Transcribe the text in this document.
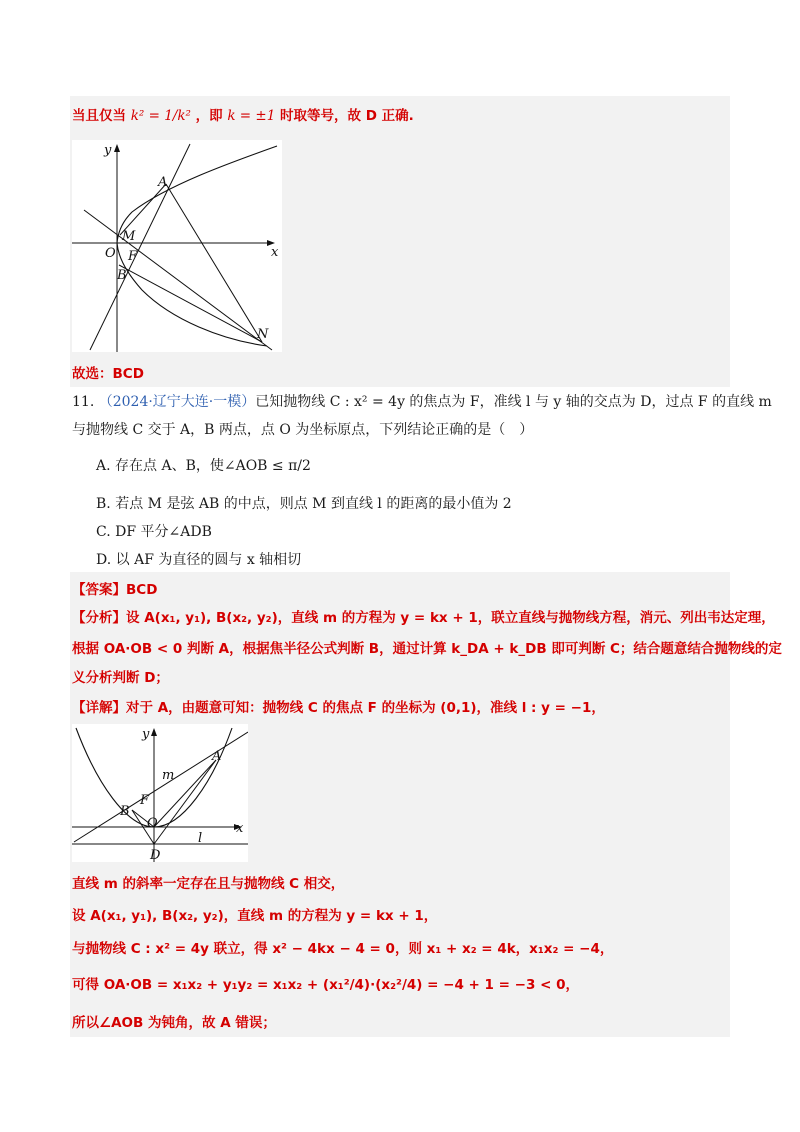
当且仅当 k² = 1/k² ，即 k = ±1 时取等号，故 D 正确.
y
A
M
O F
B
x
N
故选：BCD
11. （2024·辽宁大连·一模）已知抛物线 C : x² = 4y 的焦点为 F，准线 l 与 y 轴的交点为 D，过点 F 的直线 m
与抛物线 C 交于 A，B 两点，点 O 为坐标原点，下列结论正确的是（　）
A. 存在点 A、B，使∠AOB ≤ π/2
B. 若点 M 是弦 AB 的中点，则点 M 到直线 l 的距离的最小值为 2
C. DF 平分∠ADB
D. 以 AF 为直径的圆与 x 轴相切
【答案】BCD
【分析】设 A(x₁, y₁), B(x₂, y₂)，直线 m 的方程为 y = kx + 1，联立直线与抛物线方程，消元、列出韦达定理，
根据 OA·OB < 0 判断 A，根据焦半径公式判断 B，通过计算 k_DA + k_DB 即可判断 C；结合题意结合抛物线的定
义分析判断 D；
【详解】对于 A，由题意可知：抛物线 C 的焦点 F 的坐标为 (0,1)，准线 l : y = −1，
y
m
A
F
B
O	x
l
D
直线 m 的斜率一定存在且与抛物线 C 相交，
设 A(x₁, y₁), B(x₂, y₂)，直线 m 的方程为 y = kx + 1，
与抛物线 C : x² = 4y 联立，得 x² − 4kx − 4 = 0，则 x₁ + x₂ = 4k，x₁x₂ = −4，
可得 OA·OB = x₁x₂ + y₁y₂ = x₁x₂ + (x₁²/4)·(x₂²/4) = −4 + 1 = −3 < 0，
所以∠AOB 为钝角，故 A 错误；
